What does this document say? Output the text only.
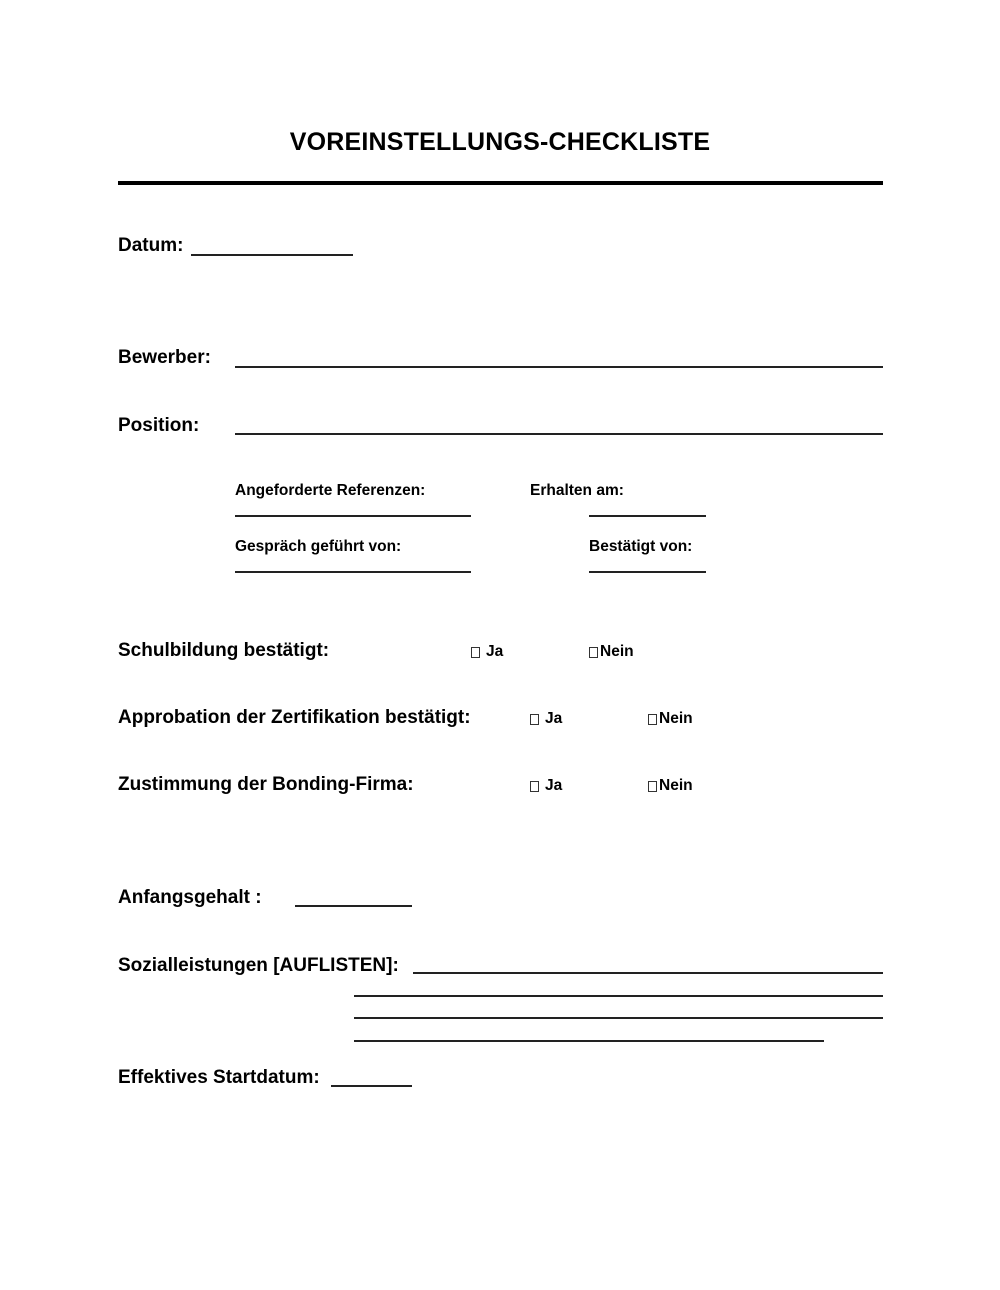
VOREINSTELLUNGS-CHECKLISTE
Datum:
Bewerber:
Position:
Angeforderte Referenzen:	Erhalten am:
Gespräch geführt von:	Bestätigt von:
Schulbildung bestätigt:	Ja	Nein
Approbation der Zertifikation bestätigt:	Ja	Nein
Zustimmung der Bonding-Firma:	Ja	Nein
Anfangsgehalt :
Sozialleistungen [AUFLISTEN]:
Effektives Startdatum:
